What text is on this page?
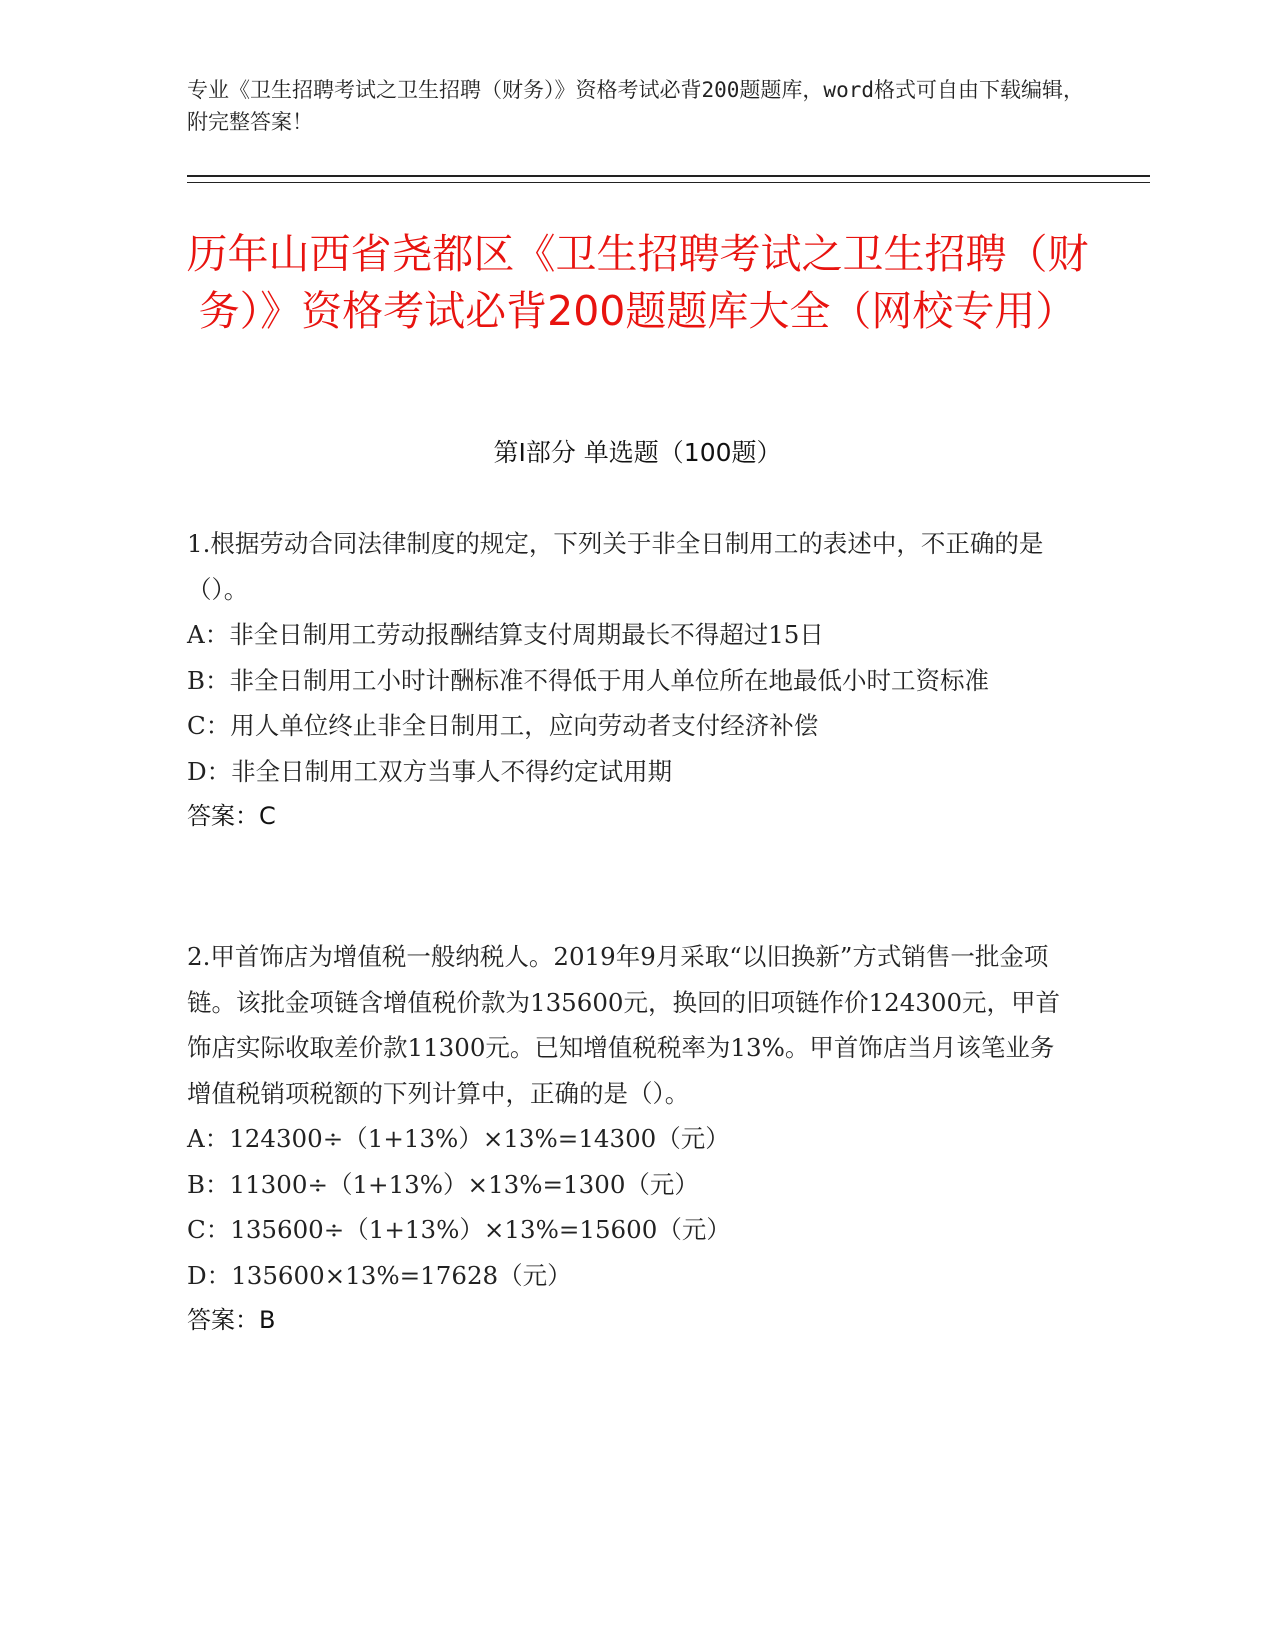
专业《卫生招聘考试之卫生招聘（财务）》资格考试必背200题题库，word格式可自由下载编辑，附完整答案！
历年山西省尧都区《卫生招聘考试之卫生招聘（财务）》资格考试必背200题题库大全（网校专用）
第I部分 单选题（100题）

1.根据劳动合同法律制度的规定，下列关于非全日制用工的表述中，不正确的是（）。

A：非全日制用工劳动报酬结算支付周期最长不得超过15日

B：非全日制用工小时计酬标准不得低于用人单位所在地最低小时工资标准

C：用人单位终止非全日制用工，应向劳动者支付经济补偿

D：非全日制用工双方当事人不得约定试用期

答案：C

2.甲首饰店为增值税一般纳税人。2019年9月采取“以旧换新”方式销售一批金项链。该批金项链含增值税价款为135600元，换回的旧项链作价124300元，甲首饰店实际收取差价款11300元。已知增值税税率为13%。甲首饰店当月该笔业务增值税销项税额的下列计算中，正确的是（）。

A：124300÷（1+13%）×13%=14300（元）

B：11300÷（1+13%）×13%=1300（元）

C：135600÷（1+13%）×13%=15600（元）

D：135600×13%=17628（元）

答案：B
